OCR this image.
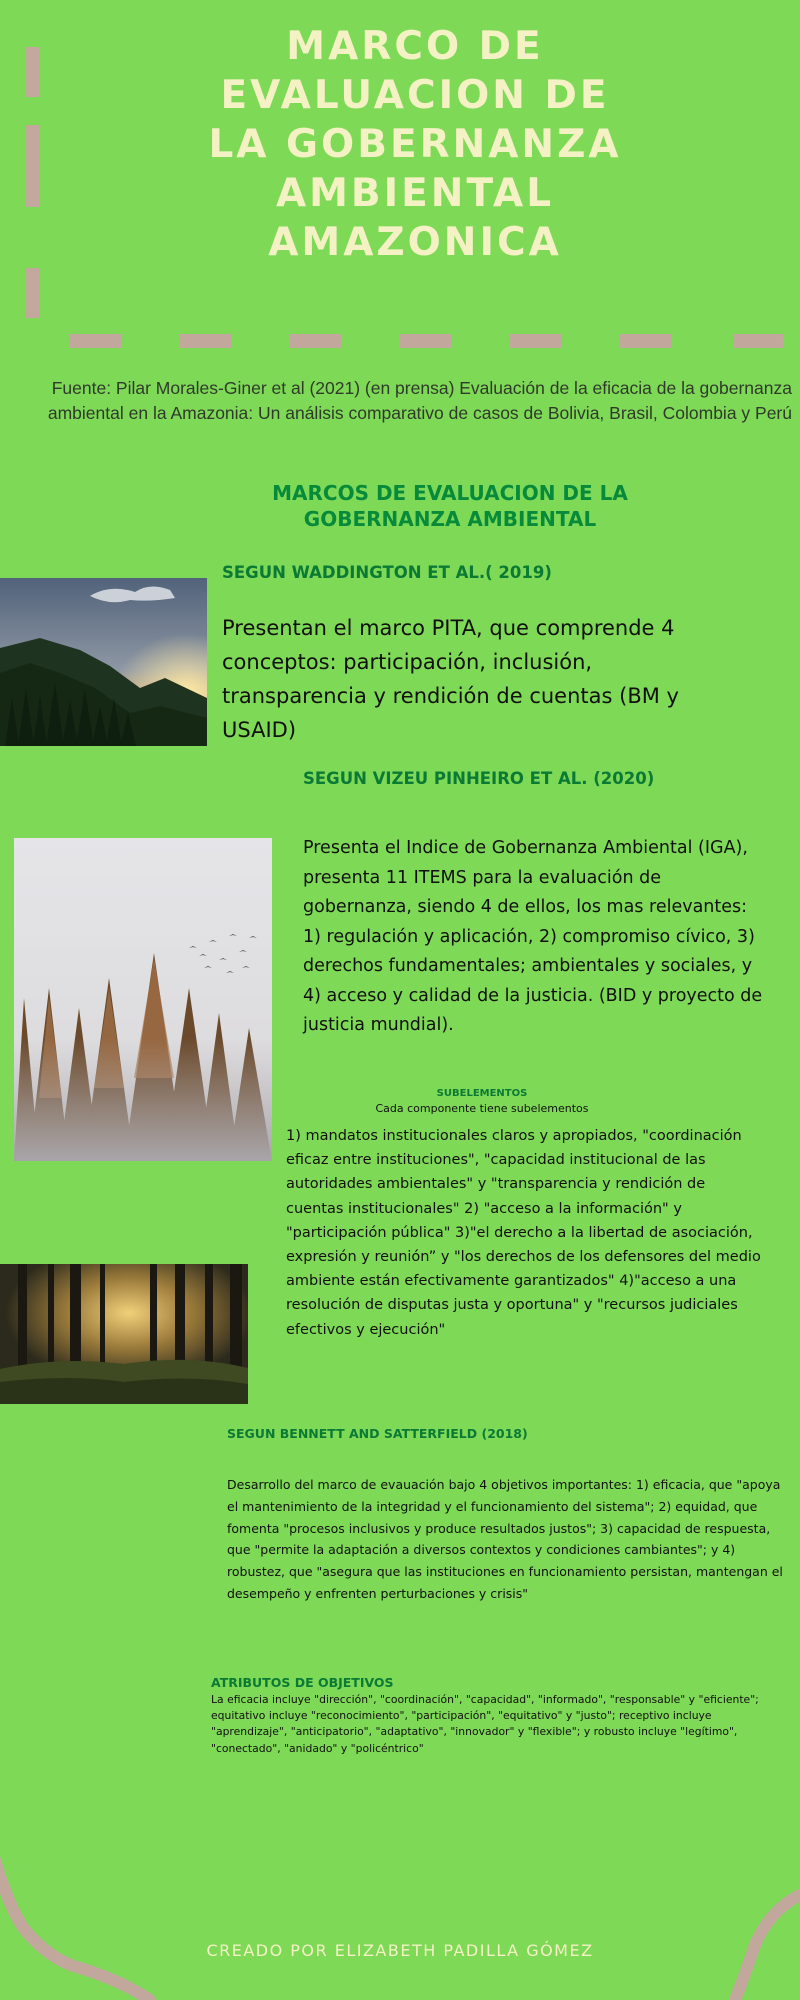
MARCO DE
EVALUACION DE
LA GOBERNANZA
AMBIENTAL
AMAZONICA
Fuente: Pilar Morales-Giner et al (2021) (en prensa) Evaluación de la eficacia de la gobernanza
ambiental en la Amazonia: Un análisis comparativo de casos de Bolivia, Brasil, Colombia y Perú
MARCOS DE EVALUACION DE LA
GOBERNANZA AMBIENTAL
SEGUN WADDINGTON ET AL.( 2019)
Presentan el marco PITA, que comprende 4 conceptos: participación, inclusión, transparencia y rendición de cuentas (BM y USAID)
SEGUN VIZEU PINHEIRO ET AL. (2020)
Presenta el Indice de Gobernanza Ambiental (IGA), presenta 11 ITEMS para la evaluación de gobernanza, siendo 4 de ellos, los mas relevantes: 1) regulación y aplicación, 2) compromiso cívico, 3) derechos fundamentales; ambientales y sociales, y 4) acceso y calidad de la justicia. (BID y proyecto de justicia mundial).
SUBELEMENTOS
Cada componente tiene subelementos
1) mandatos institucionales claros y apropiados, "coordinación eficaz entre instituciones", "capacidad institucional de las autoridades ambientales" y "transparencia y rendición de cuentas institucionales" 2) "acceso a la información" y "participación pública" 3)"el derecho a la libertad de asociación, expresión y reunión” y "los derechos de los defensores del medio ambiente están efectivamente garantizados" 4)"acceso a una resolución de disputas justa y oportuna" y "recursos judiciales efectivos y ejecución"
SEGUN BENNETT AND SATTERFIELD (2018)
Desarrollo del marco de evauación bajo 4 objetivos importantes: 1) eficacia, que "apoya el mantenimiento de la integridad y el funcionamiento del sistema"; 2) equidad, que fomenta "procesos inclusivos y produce resultados justos"; 3) capacidad de respuesta, que "permite la adaptación a diversos contextos y condiciones cambiantes"; y 4) robustez, que "asegura que las instituciones en funcionamiento persistan, mantengan el desempeño y enfrenten perturbaciones y crisis"
ATRIBUTOS DE OBJETIVOS
La eficacia incluye "dirección", "coordinación", "capacidad", "informado", "responsable" y "eficiente"; equitativo incluye "reconocimiento", "participación", "equitativo" y "justo"; receptivo incluye "aprendizaje", "anticipatorio", "adaptativo", "innovador" y "flexible"; y robusto incluye "legítimo", "conectado", "anidado" y "policéntrico"
CREADO POR ELIZABETH PADILLA GÓMEZ
